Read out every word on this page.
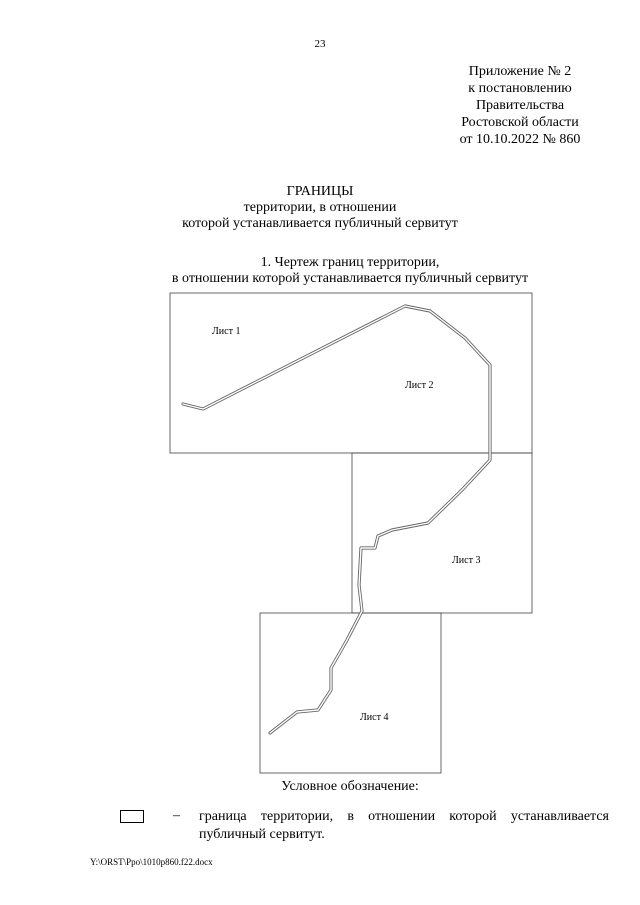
23
Приложение № 2
к постановлению
Правительства
Ростовской области
от 10.10.2022 № 860
ГРАНИЦЫ
территории, в отношении
которой устанавливается публичный сервитут
1. Чертеж границ территории,
в отношении которой устанавливается публичный сервитут
Лист 1
Лист 2
Лист 3
Лист 4
Условное обозначение:
– граница территории, в отношении которой устанавливается
публичный сервитут.
Y:\ORST\Ppo\1010p860.f22.docx
